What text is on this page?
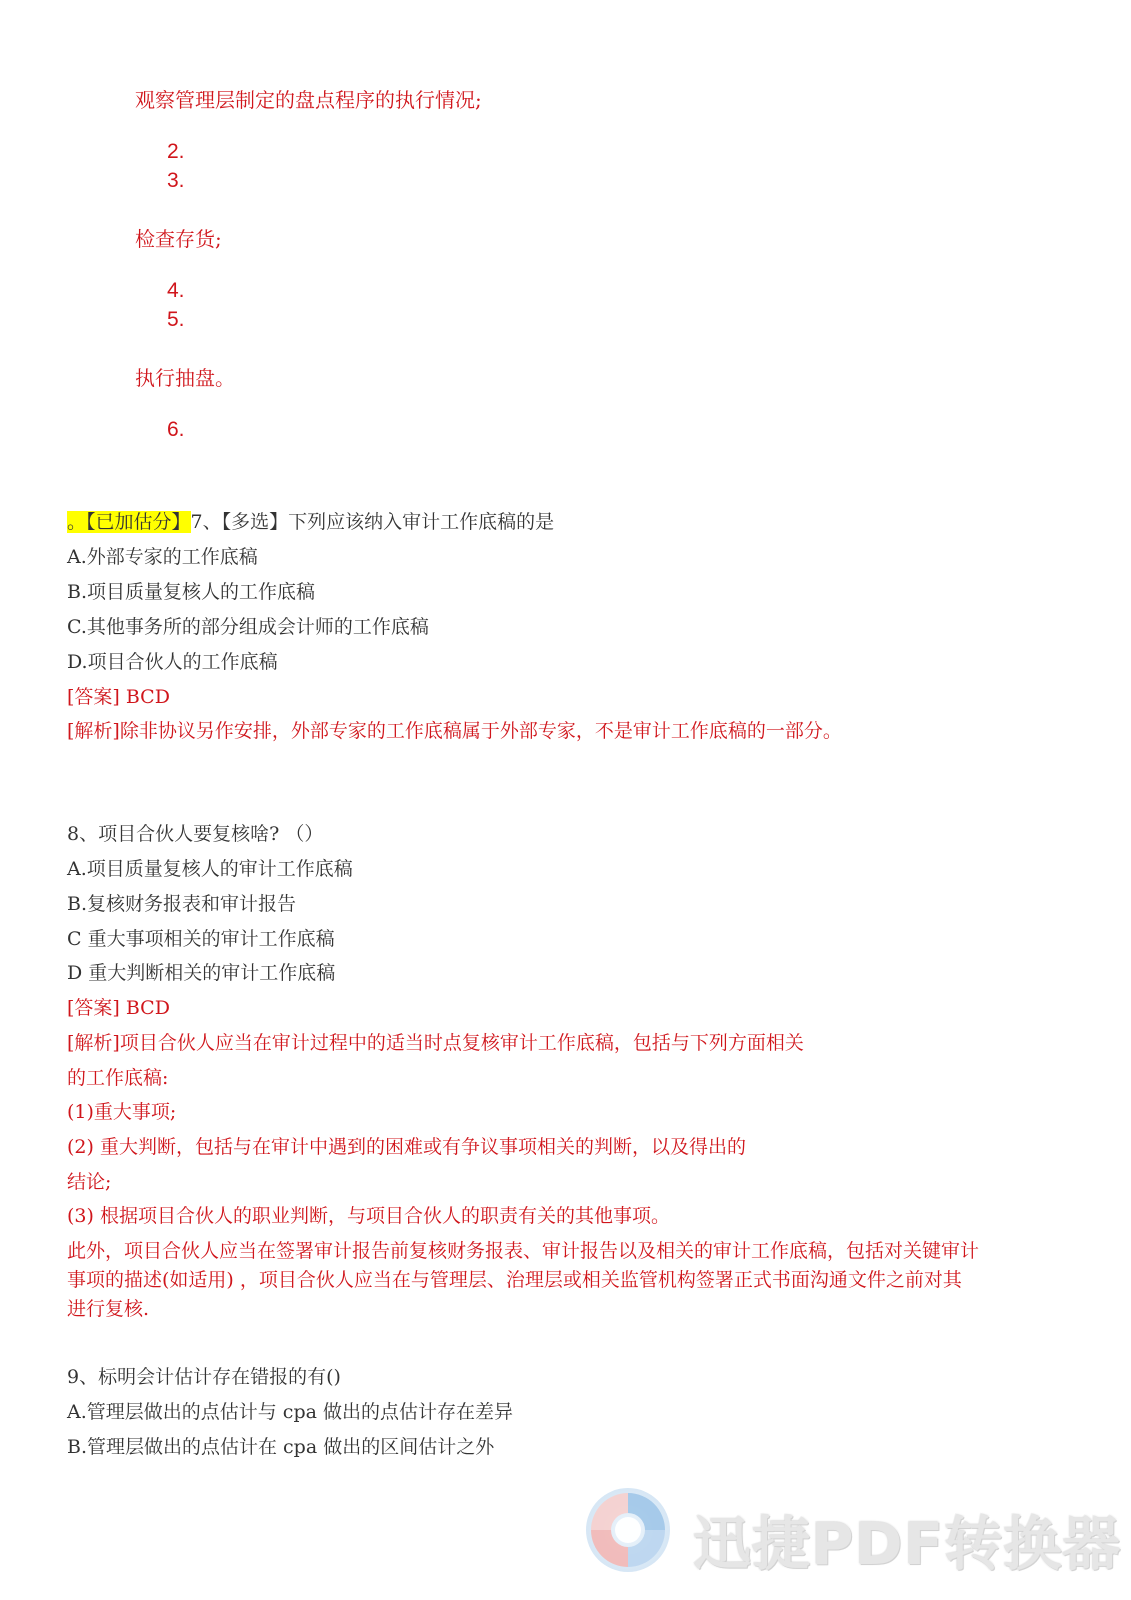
观察管理层制定的盘点程序的执行情况;
2.
3.
检查存货;
4.
5.
执行抽盘。
6.
。【已加估分】7、【多选】下列应该纳入审计工作底稿的是
A.外部专家的工作底稿
B.项目质量复核人的工作底稿
C.其他事务所的部分组成会计师的工作底稿
D.项目合伙人的工作底稿
[答案] BCD
[解析]除非协议另作安排，外部专家的工作底稿属于外部专家，不是审计工作底稿的一部分。
8、项目合伙人要复核啥? （）
A.项目质量复核人的审计工作底稿
B.复核财务报表和审计报告
C 重大事项相关的审计工作底稿
D 重大判断相关的审计工作底稿
[答案] BCD
[解析]项目合伙人应当在审计过程中的适当时点复核审计工作底稿，包括与下列方面相关
的工作底稿:
(1)重大事项;
(2) 重大判断，包括与在审计中遇到的困难或有争议事项相关的判断，以及得出的
结论;
(3) 根据项目合伙人的职业判断，与项目合伙人的职责有关的其他事项。
此外，项目合伙人应当在签署审计报告前复核财务报表、审计报告以及相关的审计工作底稿，包括对关键审计
事项的描述(如适用) ，项目合伙人应当在与管理层、治理层或相关监管机构签署正式书面沟通文件之前对其
进行复核.
9、标明会计估计存在错报的有()
A.管理层做出的点估计与 cpa 做出的点估计存在差异
B.管理层做出的点估计在 cpa 做出的区间估计之外
迅捷PDF转换器
